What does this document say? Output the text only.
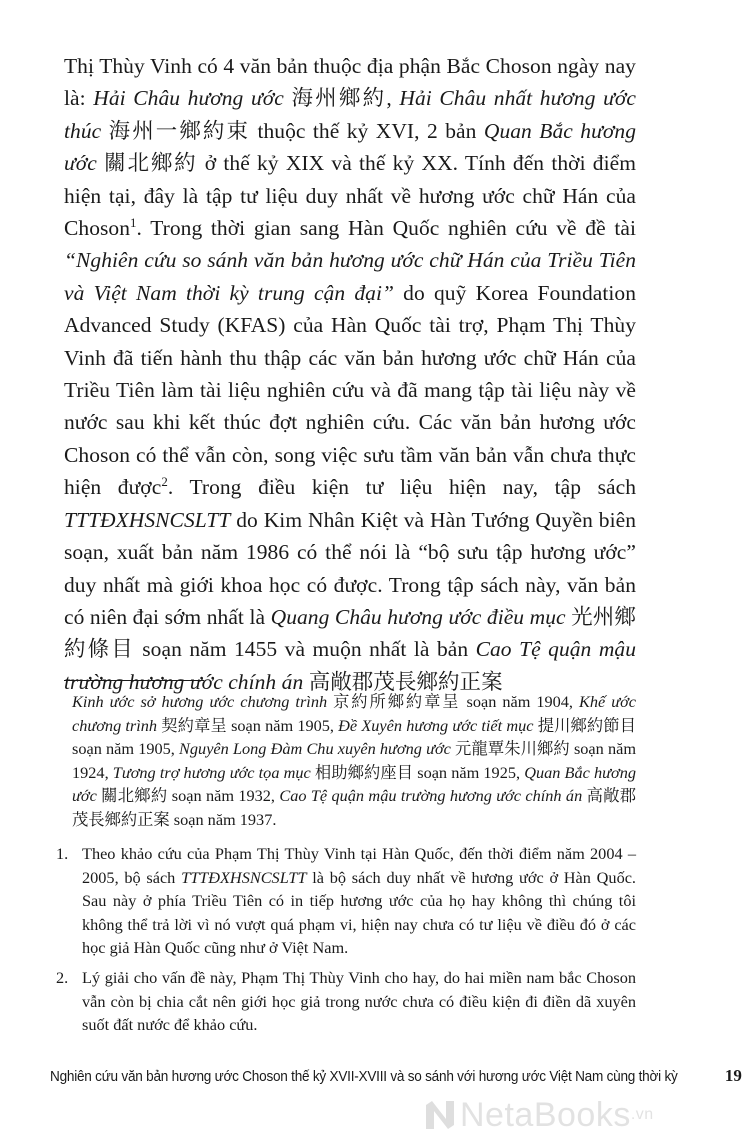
Thị Thùy Vinh có 4 văn bản thuộc địa phận Bắc Choson ngày nay là: Hải Châu hương ước 海州鄉約, Hải Châu nhất hương ước thúc 海州一鄉約束 thuộc thế kỷ XVI, 2 bản Quan Bắc hương ước 關北鄉約 ở thế kỷ XIX và thế kỷ XX. Tính đến thời điểm hiện tại, đây là tập tư liệu duy nhất về hương ước chữ Hán của Choson$^1$. Trong thời gian sang Hàn Quốc nghiên cứu về đề tài “Nghiên cứu so sánh văn bản hương ước chữ Hán của Triều Tiên và Việt Nam thời kỳ trung cận đại” do quỹ Korea Foundation Advanced Study (KFAS) của Hàn Quốc tài trợ, Phạm Thị Thùy Vinh đã tiến hành thu thập các văn bản hương ước chữ Hán của Triều Tiên làm tài liệu nghiên cứu và đã mang tập tài liệu này về nước sau khi kết thúc đợt nghiên cứu. Các văn bản hương ước Choson có thể vẫn còn, song việc sưu tầm văn bản vẫn chưa thực hiện được$^2$. Trong điều kiện tư liệu hiện nay, tập sách TTTĐXHSNCSLTT do Kim Nhân Kiệt và Hàn Tướng Quyền biên soạn, xuất bản năm 1986 có thể nói là “bộ sưu tập hương ước” duy nhất mà giới khoa học có được. Trong tập sách này, văn bản có niên đại sớm nhất là Quang Châu hương ước điều mục 光州鄉約條目 soạn năm 1455 và muộn nhất là bản Cao Tệ quận mậu trường hương ước chính án 高敞郡茂長鄉約正案

Kinh ước sở hương ước chương trình 京約所鄉約章呈 soạn năm 1904, Khế ước chương trình 契約章呈 soạn năm 1905, Đề Xuyên hương ước tiết mục 提川鄉約節目 soạn năm 1905, Nguyên Long Đàm Chu xuyên hương ước 元龍覃朱川鄉約 soạn năm 1924, Tương trợ hương ước tọa mục 相助鄉約座目 soạn năm 1925, Quan Bắc hương ước 關北鄉約 soạn năm 1932, Cao Tệ quận mậu trường hương ước chính án 高敞郡茂長鄉約正案 soạn năm 1937.

1. Theo khảo cứu của Phạm Thị Thùy Vinh tại Hàn Quốc, đến thời điểm năm 2004 – 2005, bộ sách TTTĐXHSNCSLTT là bộ sách duy nhất về hương ước ở Hàn Quốc. Sau này ở phía Triều Tiên có in tiếp hương ước của họ hay không thì chúng tôi không thể trả lời vì nó vượt quá phạm vi, hiện nay chưa có tư liệu về điều đó ở các học giả Hàn Quốc cũng như ở Việt Nam.
2. Lý giải cho vấn đề này, Phạm Thị Thùy Vinh cho hay, do hai miền nam bắc Choson vẫn còn bị chia cắt nên giới học giả trong nước chưa có điều kiện đi điền dã xuyên suốt đất nước để khảo cứu.
Nghiên cứu văn bản hương ước Choson thế kỷ XVII-XVIII và so sánh với hương ước Việt Nam cùng thời kỳ	19
NetaBooks .vn
